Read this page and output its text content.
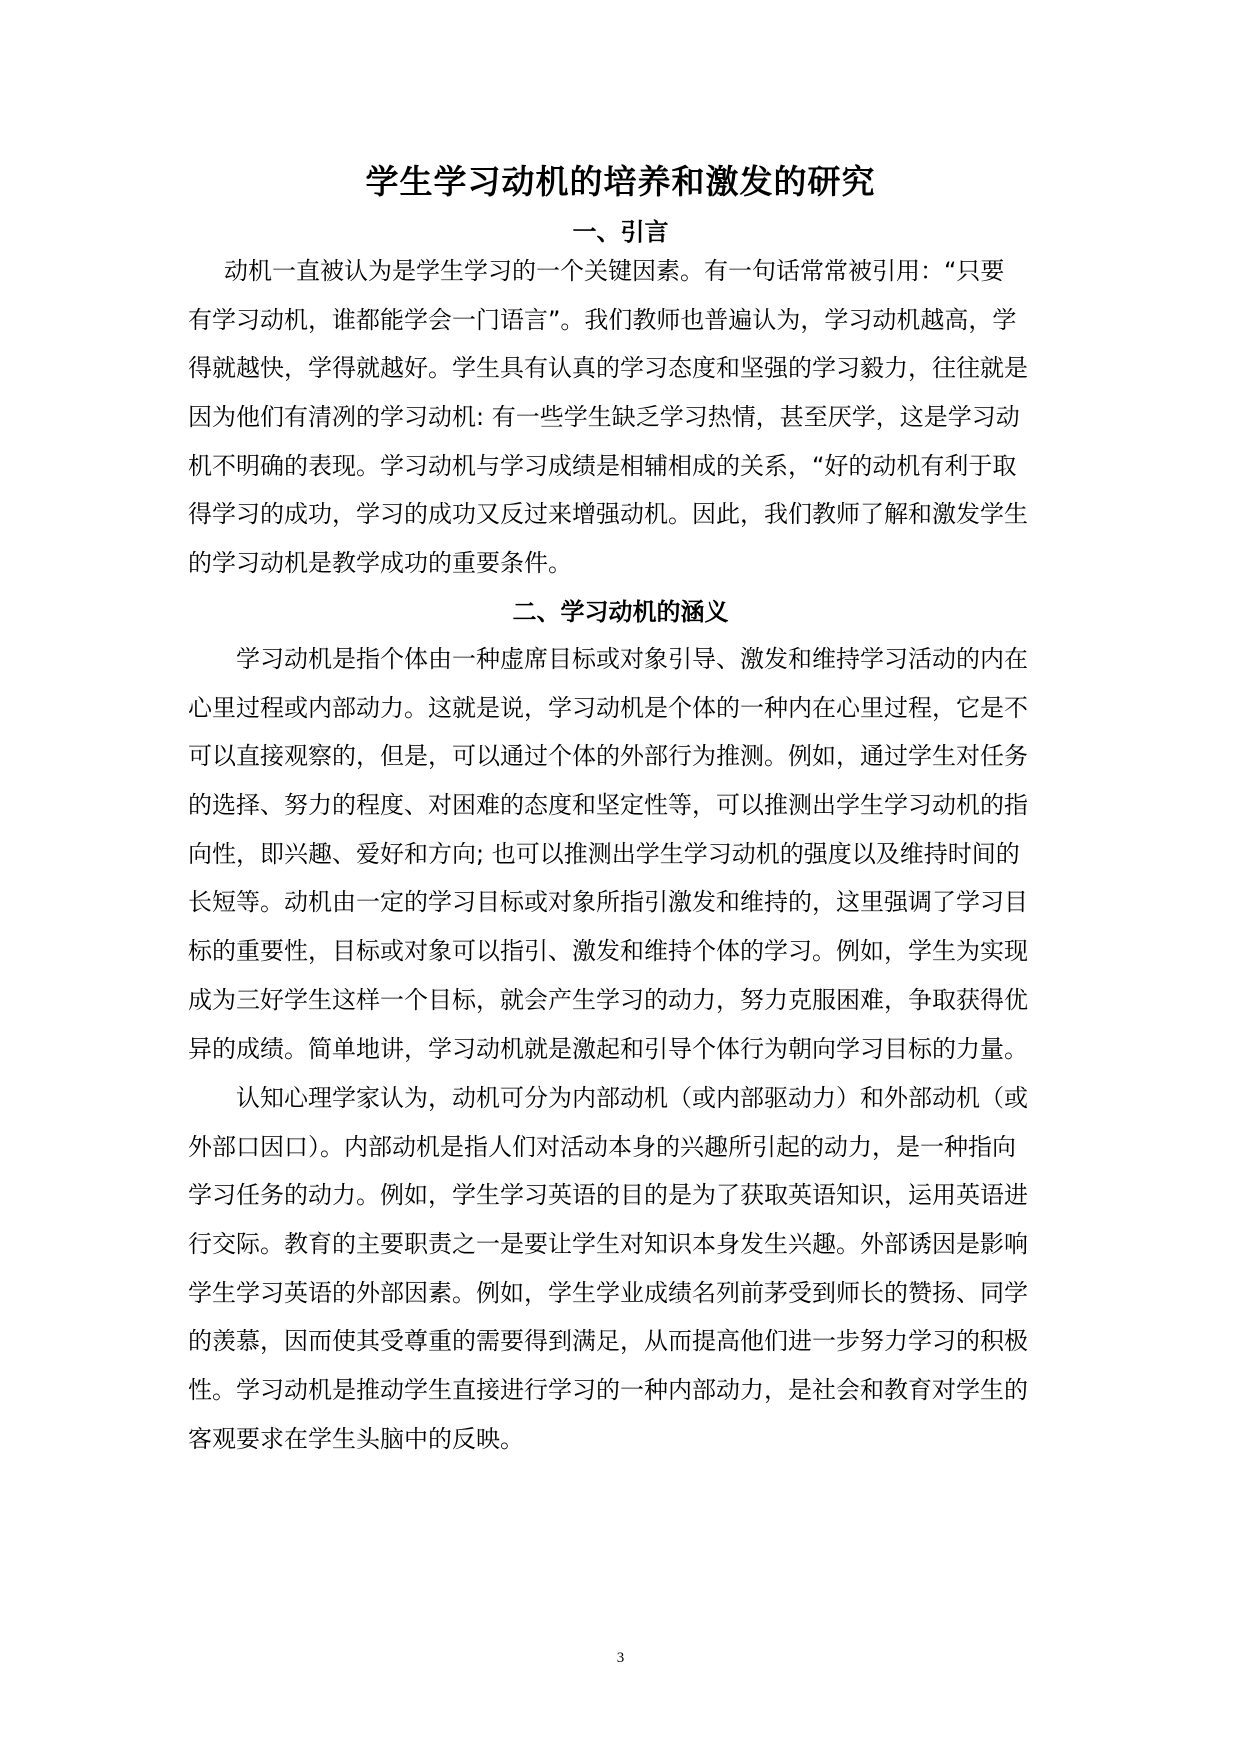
学生学习动机的培养和激发的研究
一、引言
动机一直被认为是学生学习的一个关键因素。有一句话常常被引用：“只要
有学习动机，谁都能学会一门语言”。我们教师也普遍认为，学习动机越高，学
得就越快，学得就越好。学生具有认真的学习态度和坚强的学习毅力，往往就是
因为他们有清冽的学习动机: 有一些学生缺乏学习热情，甚至厌学，这是学习动
机不明确的表现。学习动机与学习成绩是相辅相成的关系，“好的动机有利于取
得学习的成功，学习的成功又反过来增强动机。因此，我们教师了解和激发学生
的学习动机是教学成功的重要条件。
二、学习动机的涵义
学习动机是指个体由一种虚席目标或对象引导、激发和维持学习活动的内在
心里过程或内部动力。这就是说，学习动机是个体的一种内在心里过程，它是不
可以直接观察的，但是，可以通过个体的外部行为推测。例如，通过学生对任务
的选择、努力的程度、对困难的态度和坚定性等，可以推测出学生学习动机的指
向性，即兴趣、爱好和方向; 也可以推测出学生学习动机的强度以及维持时间的
长短等。动机由一定的学习目标或对象所指引激发和维持的，这里强调了学习目
标的重要性，目标或对象可以指引、激发和维持个体的学习。例如，学生为实现
成为三好学生这样一个目标，就会产生学习的动力，努力克服困难，争取获得优
异的成绩。简单地讲，学习动机就是激起和引导个体行为朝向学习目标的力量。
认知心理学家认为，动机可分为内部动机（或内部驱动力）和外部动机（或
外部口因口）。内部动机是指人们对活动本身的兴趣所引起的动力，是一种指向
学习任务的动力。例如，学生学习英语的目的是为了获取英语知识，运用英语进
行交际。教育的主要职责之一是要让学生对知识本身发生兴趣。外部诱因是影响
学生学习英语的外部因素。例如，学生学业成绩名列前茅受到师长的赞扬、同学
的羡慕，因而使其受尊重的需要得到满足，从而提高他们进一步努力学习的积极
性。学习动机是推动学生直接进行学习的一种内部动力，是社会和教育对学生的
客观要求在学生头脑中的反映。
3
